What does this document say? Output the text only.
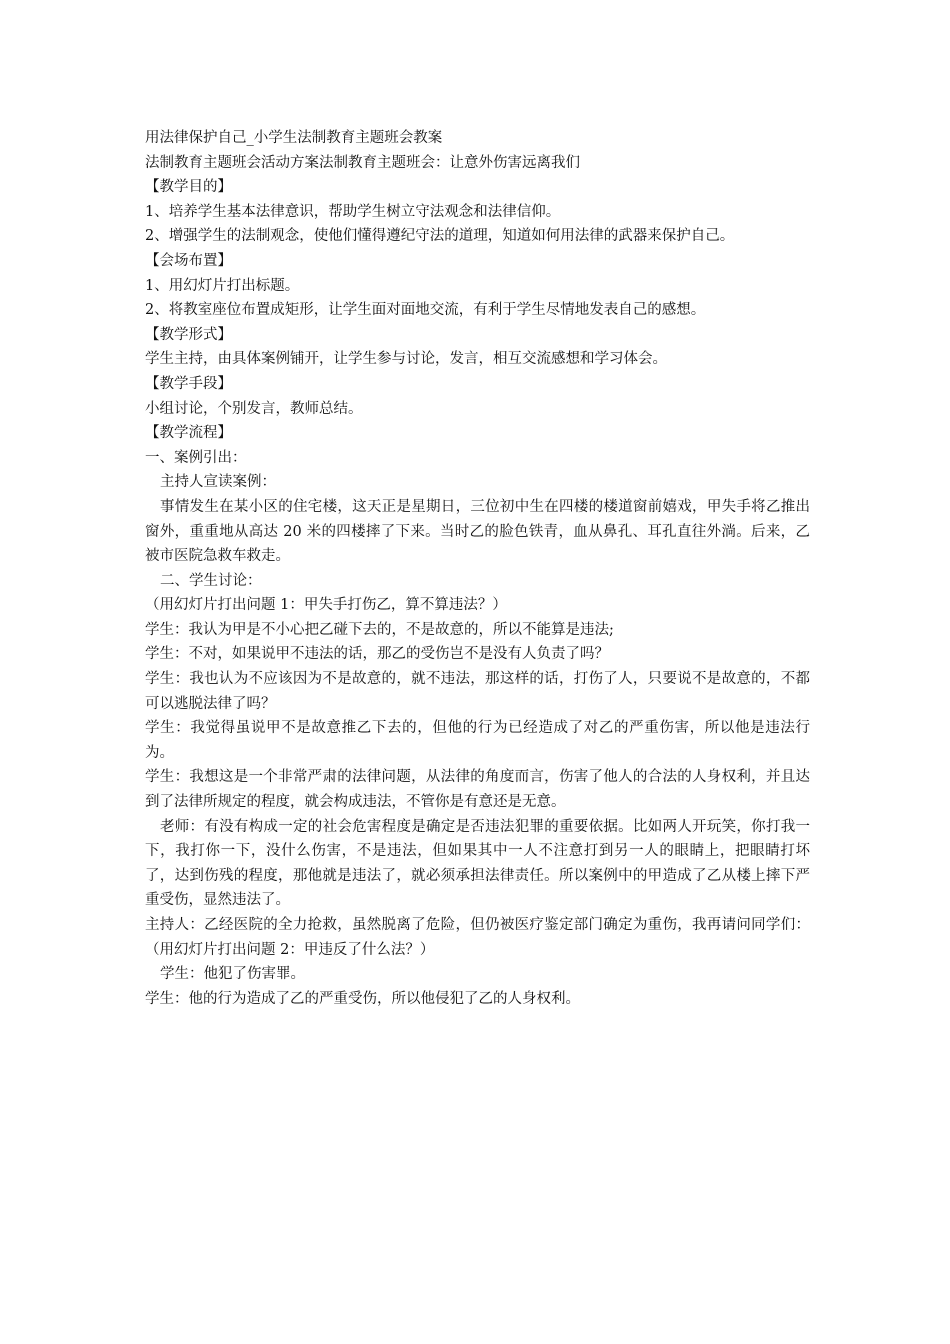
用法律保护自己_小学生法制教育主题班会教案
法制教育主题班会活动方案法制教育主题班会：让意外伤害远离我们
【教学目的】
1、培养学生基本法律意识，帮助学生树立守法观念和法律信仰。
2、增强学生的法制观念，使他们懂得遵纪守法的道理，知道如何用法律的武器来保护自己。
【会场布置】
1、用幻灯片打出标题。
2、将教室座位布置成矩形，让学生面对面地交流，有利于学生尽情地发表自己的感想。
【教学形式】
学生主持，由具体案例铺开，让学生参与讨论，发言，相互交流感想和学习体会。
【教学手段】
小组讨论，个别发言，教师总结。
【教学流程】
一、案例引出：
主持人宣读案例：
事情发生在某小区的住宅楼，这天正是星期日，三位初中生在四楼的楼道窗前嬉戏，甲失手将乙推出窗外，重重地从高达 20 米的四楼摔了下来。当时乙的脸色铁青，血从鼻孔、耳孔直往外淌。后来，乙被市医院急救车救走。
二、学生讨论：
（用幻灯片打出问题 1：甲失手打伤乙，算不算违法？）
学生：我认为甲是不小心把乙碰下去的，不是故意的，所以不能算是违法;
学生：不对，如果说甲不违法的话，那乙的受伤岂不是没有人负责了吗？
学生：我也认为不应该因为不是故意的，就不违法，那这样的话，打伤了人，只要说不是故意的，不都可以逃脱法律了吗？
学生：我觉得虽说甲不是故意推乙下去的，但他的行为已经造成了对乙的严重伤害，所以他是违法行为。
学生：我想这是一个非常严肃的法律问题，从法律的角度而言，伤害了他人的合法的人身权利，并且达到了法律所规定的程度，就会构成违法，不管你是有意还是无意。
老师：有没有构成一定的社会危害程度是确定是否违法犯罪的重要依据。比如两人开玩笑，你打我一下，我打你一下，没什么伤害，不是违法，但如果其中一人不注意打到另一人的眼睛上，把眼睛打坏了，达到伤残的程度，那他就是违法了，就必须承担法律责任。所以案例中的甲造成了乙从楼上摔下严重受伤，显然违法了。
主持人：乙经医院的全力抢救，虽然脱离了危险，但仍被医疗鉴定部门确定为重伤，我再请问同学们：（用幻灯片打出问题 2：甲违反了什么法？）
学生：他犯了伤害罪。
学生：他的行为造成了乙的严重受伤，所以他侵犯了乙的人身权利。
